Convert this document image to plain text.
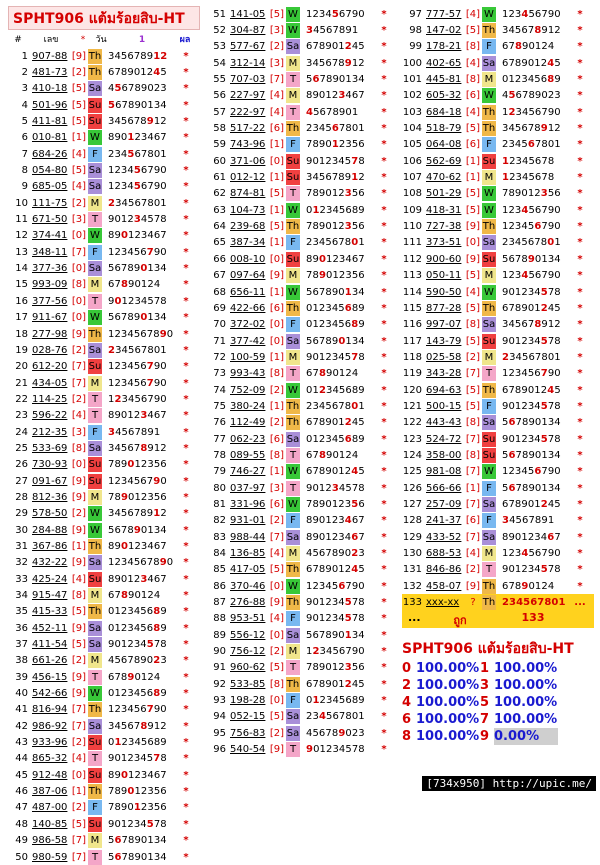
SPHT906 แต้มร้อยสิบ-HT
#	เลข	*	วัน	1	ผล
1 907-88 [9] Th 345678912	*
2 481-73 [2] Th 678901245	*
3 410-18 [5] Sa 456789023	*
4 501-96 [5] Su 567890134	*
5 411-81 [5] Su 345678912	*
6 010-81 [1] W 890123467	*
7 684-26 [4] F	234567801	*
8 054-80 [5] Sa 123456790	*
9 685-05 [4] Sa 123456790	*
10 111-75 [2] M 234567801	*
11 671-50 [3] T 901234578	*
12 374-41 [0] W 890123467	*
13 348-11 [7] F	123456790	*
14 377-36 [0] Sa 567890134	*
15 993-09 [8] M 67890124	*
16 377-56 [0] T 901234578	*
17 911-67 [0] W 567890134	*
18 277-98 [9] Th 1234567890	*
19 028-76 [2] Sa 234567801	*
20 612-20 [7] Su 123456790	*
21 434-05 [7] M 123456790	*
22 114-25 [2] T 123456790	*
23 596-22 [4] T 890123467	*
24 212-35 [3] F	34567891	*
25 533-69 [8] Sa 345678912	*
26 730-93 [0] Su 789012356	*
27 091-67 [9] Su 123456790	*
28 812-36 [9] M 789012356	*
29 578-50 [2] W 345678912	*
30 284-88 [9] W 567890134	*
31 367-86 [1] Th 890123467	*
32 432-22 [9] Sa 1234567890	*
33 425-24 [4] Su 890123467	*
34 915-47 [8] M 67890124	*
35 415-33 [5] Th 012345689	*
36 452-11 [9] Sa 012345689	*
37 411-54 [5] Sa 901234578	*
38 661-26 [2] M 456789023	*
39 456-15 [9] T 67890124	*
40 542-66 [9] W 012345689	*
41 816-94 [7] Th 123456790	*
42 986-92 [7] Sa 345678912	*
43 933-96 [2] Su 012345689	*
44 865-32 [4] T 901234578	*
45 912-48 [0] Su 890123467	*
46 387-06 [1] Th 789012356	*
47 487-00 [2] F	789012356	*
48 140-85 [5] Su 901234578	*
49 986-58 [7] M 567890134	*
50 980-59 [7] T 567890134	*
51 141-05 [5] W 123456790	*
52 304-87 [3] W 34567891	*
53 577-67 [2] Sa 678901245	*
54 312-14 [3] M 345678912	*
55 707-03 [7] T 567890134	*
56 227-97 [4] M 890123467	*
57 222-97 [4] T 45678901	*
58 517-22 [6] Th 234567801	*
59 743-96 [1] F	789012356	*
60 371-06 [0] Su 901234578	*
61 012-12 [1] Su 345678912	*
62 874-81 [5] T 789012356	*
63 104-73 [1] W 012345689	*
64 239-68 [5] Th 789012356	*
65 387-34 [1] F	234567801	*
66 008-10 [0] Su 890123467	*
67 097-64 [9] M 789012356	*
68 656-11 [1] W 567890134	*
69 422-66 [6] Th 012345689	*
70 372-02 [0] F	012345689	*
71 377-42 [0] Sa 567890134	*
72 100-59 [1] M 901234578	*
73 993-43 [8] T 67890124	*
74 752-09 [2] W 012345689	*
75 380-24 [1] Th 234567801	*
76 112-49 [2] Th 678901245	*
77 062-23 [6] Sa 012345689	*
78 089-55 [8] T 67890124	*
79 746-27 [1] W 678901245	*
80 037-97 [3] T 901234578	*
81 331-96 [6] W 789012356	*
82 931-01 [2] F	890123467	*
83 988-44 [7] Sa 890123467	*
84 136-85 [4] M 456789023	*
85 417-05 [5] Th 678901245	*
86 370-46 [0] W 123456790	*
87 276-88 [9] Th 901234578	*
88 953-51 [4] F	901234578	*
89 556-12 [0] Sa 567890134	*
90 756-12 [2] M 123456790	*
91 960-62 [5] T 789012356	*
92 533-85 [8] Th 678901245	*
93 198-28 [0] F	012345689	*
94 052-15 [5] Sa 234567801	*
95 756-83 [2] Sa 456789023	*
96 540-54 [9] T 901234578	*
97 777-57 [4] W 123456790	*
98 147-02 [5] Th 345678912	*
99 178-21 [8] F	67890124	*
100 402-65 [4] Sa 678901245	*
101 445-81 [8] M 012345689	*
102 605-32 [6] W 456789023	*
103 684-18 [4] Th 123456790	*
104 518-79 [5] Th 345678912	*
105 064-08 [6] F	234567801	*
106 562-69 [1] Su 12345678	*
107 470-62 [1] M 12345678	*
108 501-29 [5] W 789012356	*
109 418-31 [5] W 123456790	*
110 727-38 [9] Th 123456790	*
111 373-51 [0] Sa 234567801	*
112 900-60 [9] Su 567890134	*
113 050-11 [5] M 123456790	*
114 590-50 [4] W 901234578	*
115 877-28 [5] Th 678901245	*
116 997-07 [8] Sa 345678912	*
117 143-79 [5] Su 901234578	*
118 025-58 [2] M 234567801	*
119 343-28 [7] T 123456790	*
120 694-63 [5] Th 678901245	*
121 500-15 [5] F	901234578	*
122 443-43 [8] Sa 567890134	*
123 524-72 [7] Su 901234578	*
124 358-00 [8] Su 567890134	*
125 981-08 [7] W 123456790	*
126 566-66 [1] F	567890134	*
127 257-09 [7] Sa 678901245	*
128 241-37 [6] F	34567891	*
129 433-52 [7] Sa 890123467	*
130 688-53 [4] M 123456790	*
131 846-86 [2] T 901234578	*
132 458-07 [9] Th 67890124	*
133 xxx-xx	? Th 234567801 ...
...	ถูก	133
SPHT906 แต้มร้อยสิบ-HT
0 100.00%1 100.00%
2 100.00%3 100.00%
4 100.00%5 100.00%
6 100.00%7 100.00%
8 100.00%9 0.00%
[734x950] http://upic.me/
